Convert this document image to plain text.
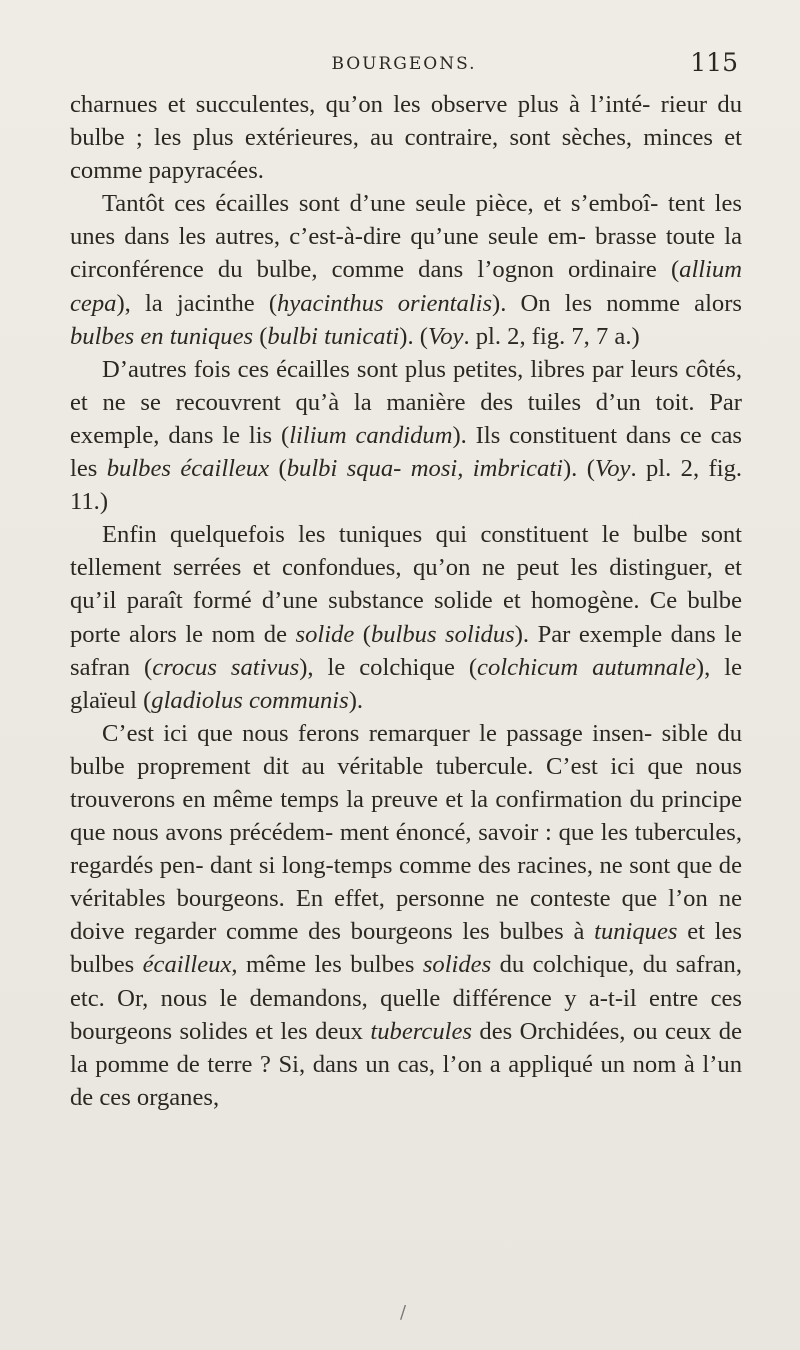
BOURGEONS.	115

charnues et succulentes, qu’on les observe plus à l’inté- rieur du bulbe ; les plus extérieures, au contraire, sont sèches, minces et comme papyracées.

Tantôt ces écailles sont d’une seule pièce, et s’emboî- tent les unes dans les autres, c’est-à-dire qu’une seule em- brasse toute la circonférence du bulbe, comme dans l’ognon ordinaire (allium cepa), la jacinthe (hyacinthus orientalis). On les nomme alors bulbes en tuniques (bulbi tunicati). (Voy. pl. 2, fig. 7, 7 a.)

D’autres fois ces écailles sont plus petites, libres par leurs côtés, et ne se recouvrent qu’à la manière des tuiles d’un toit. Par exemple, dans le lis (lilium candidum). Ils constituent dans ce cas les bulbes écailleux (bulbi squa- mosi, imbricati). (Voy. pl. 2, fig. 11.)

Enfin quelquefois les tuniques qui constituent le bulbe sont tellement serrées et confondues, qu’on ne peut les distinguer, et qu’il paraît formé d’une substance solide et homogène. Ce bulbe porte alors le nom de solide (bulbus solidus). Par exemple dans le safran (crocus sativus), le colchique (colchicum autumnale), le glaïeul (gladiolus communis).

C’est ici que nous ferons remarquer le passage insen- sible du bulbe proprement dit au véritable tubercule. C’est ici que nous trouverons en même temps la preuve et la confirmation du principe que nous avons précédem- ment énoncé, savoir : que les tubercules, regardés pen- dant si long-temps comme des racines, ne sont que de véritables bourgeons. En effet, personne ne conteste que l’on ne doive regarder comme des bourgeons les bulbes à tuniques et les bulbes écailleux, même les bulbes solides du colchique, du safran, etc. Or, nous le demandons, quelle différence y a-t-il entre ces bourgeons solides et les deux tubercules des Orchidées, ou ceux de la pomme de terre ? Si, dans un cas, l’on a appliqué un nom à l’un de ces organes,

/
